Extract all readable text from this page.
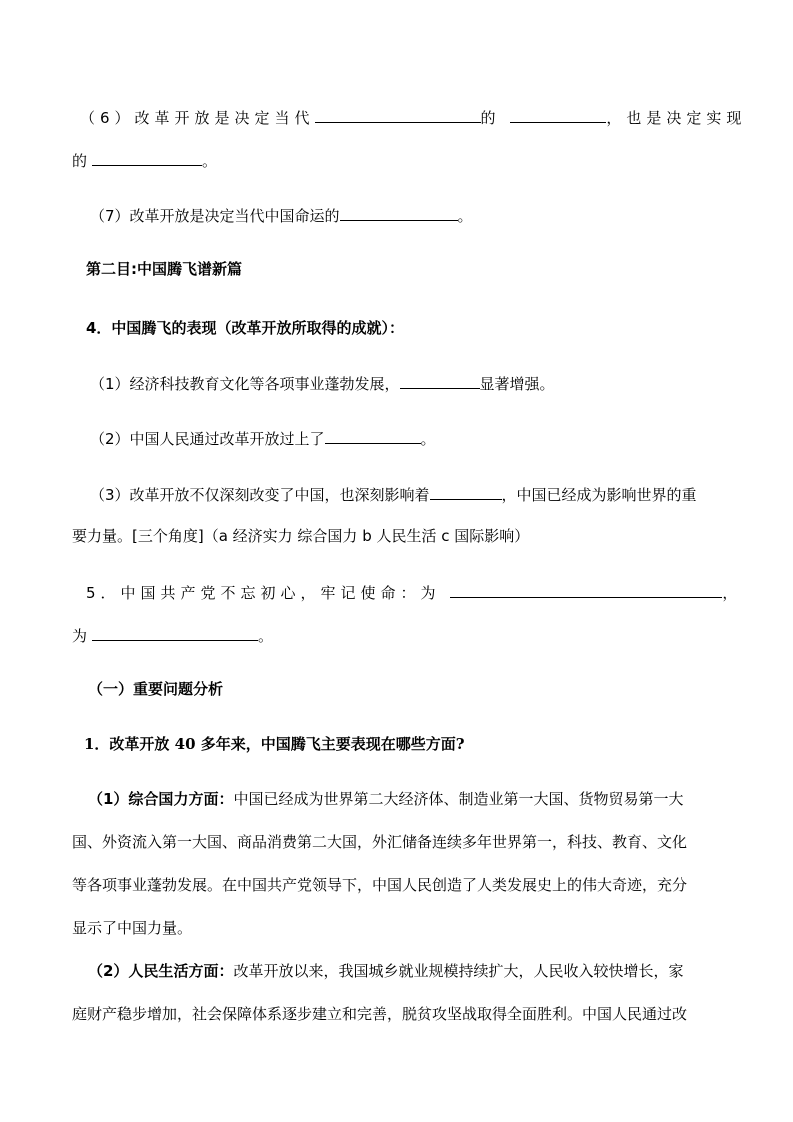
（6）改革开放是决定当代	的	，也是决定实现
的	。
（7）改革开放是决定当代中国命运的	。
第二目:中国腾飞谱新篇
4．中国腾飞的表现（改革开放所取得的成就）：
（1）经济科技教育文化等各项事业蓬勃发展，	显著增强。
（2）中国人民通过改革开放过上了	。
（3）改革开放不仅深刻改变了中国，也深刻影响着	，中国已经成为影响世界的重
要力量。[三个角度]（a 经济实力 综合国力 b 人民生活 c 国际影响）
5．中国共产党不忘初心，牢记使命：为	，
为	。
（一）重要问题分析
1．改革开放 40 多年来，中国腾飞主要表现在哪些方面?
（1）综合国力方面：中国已经成为世界第二大经济体、制造业第一大国、货物贸易第一大
国、外资流入第一大国、商品消费第二大国，外汇储备连续多年世界第一，科技、教育、文化
等各项事业蓬勃发展。在中国共产党领导下，中国人民创造了人类发展史上的伟大奇迹，充分
显示了中国力量。
（2）人民生活方面：改革开放以来，我国城乡就业规模持续扩大，人民收入较快增长，家
庭财产稳步增加，社会保障体系逐步建立和完善，脱贫攻坚战取得全面胜利。中国人民通过改
